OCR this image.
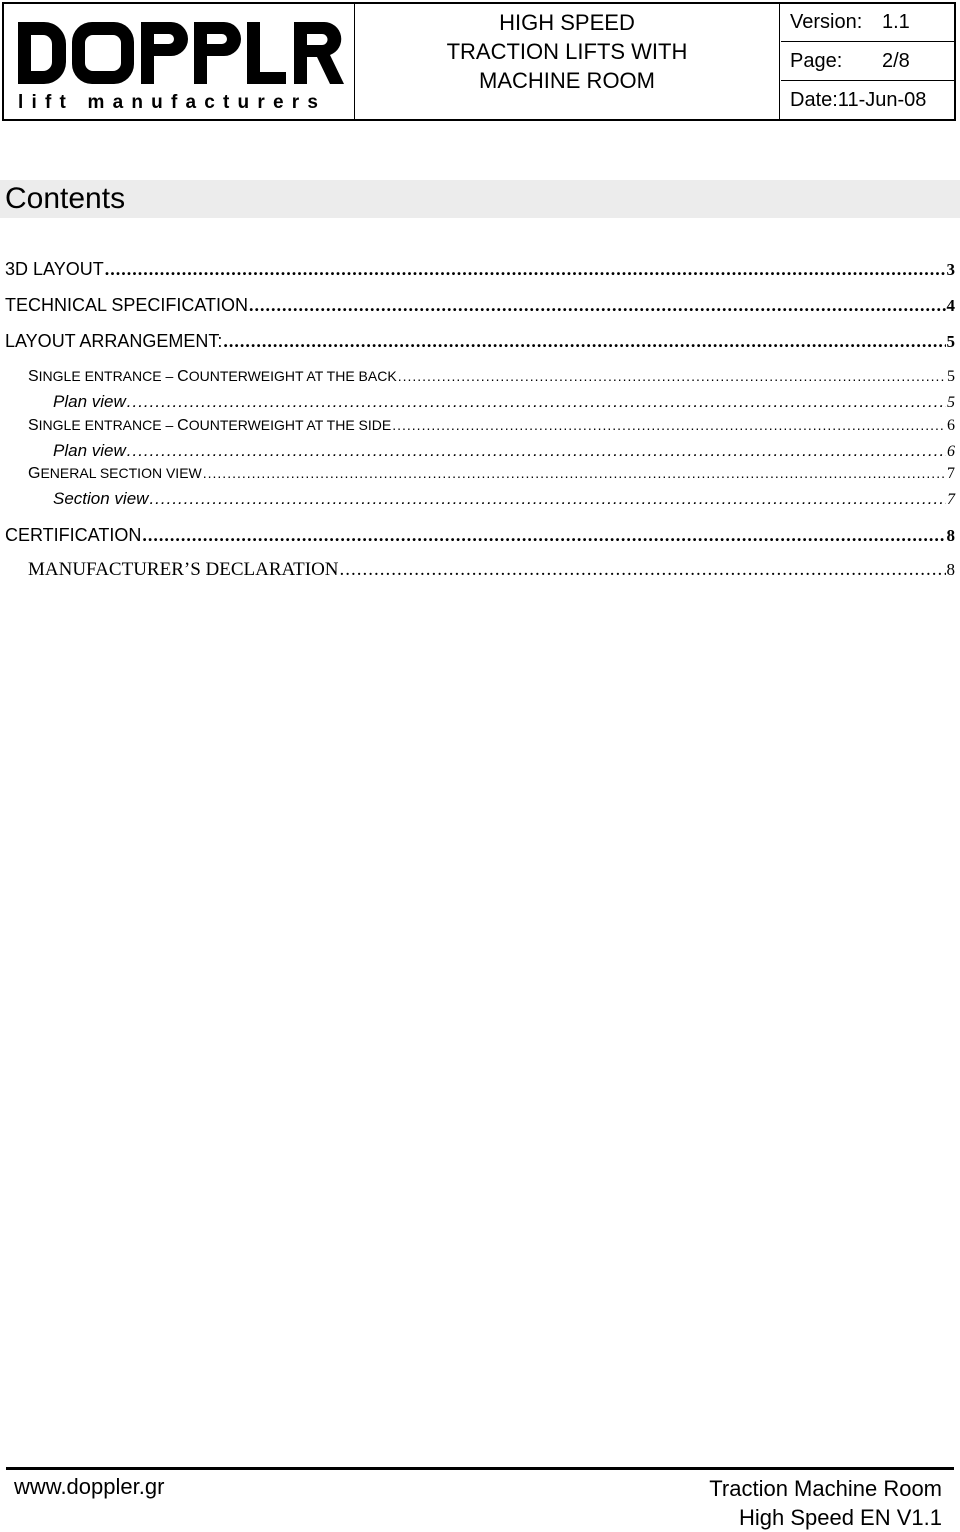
lift manufacturers
HIGH SPEED
TRACTION LIFTS WITH
MACHINE ROOM
Version: 1.1
Page:	2/8
Date:11-Jun-08
Contents
3D LAYOUT .....	3
TECHNICAL SPECIFICATION .....	4
LAYOUT ARRANGEMENT: .....	5
SINGLE ENTRANCE – COUNTERWEIGHT AT THE BACK .....	5
Plan view .....	5
SINGLE ENTRANCE – COUNTERWEIGHT AT THE SIDE .....	6
Plan view .....	6
GENERAL SECTION VIEW .....	7
Section view .....	7
CERTIFICATION .....	8
MANUFACTURER’S DECLARATION .....	8
www.doppler.gr	Traction Machine Room
High Speed EN V1.1
